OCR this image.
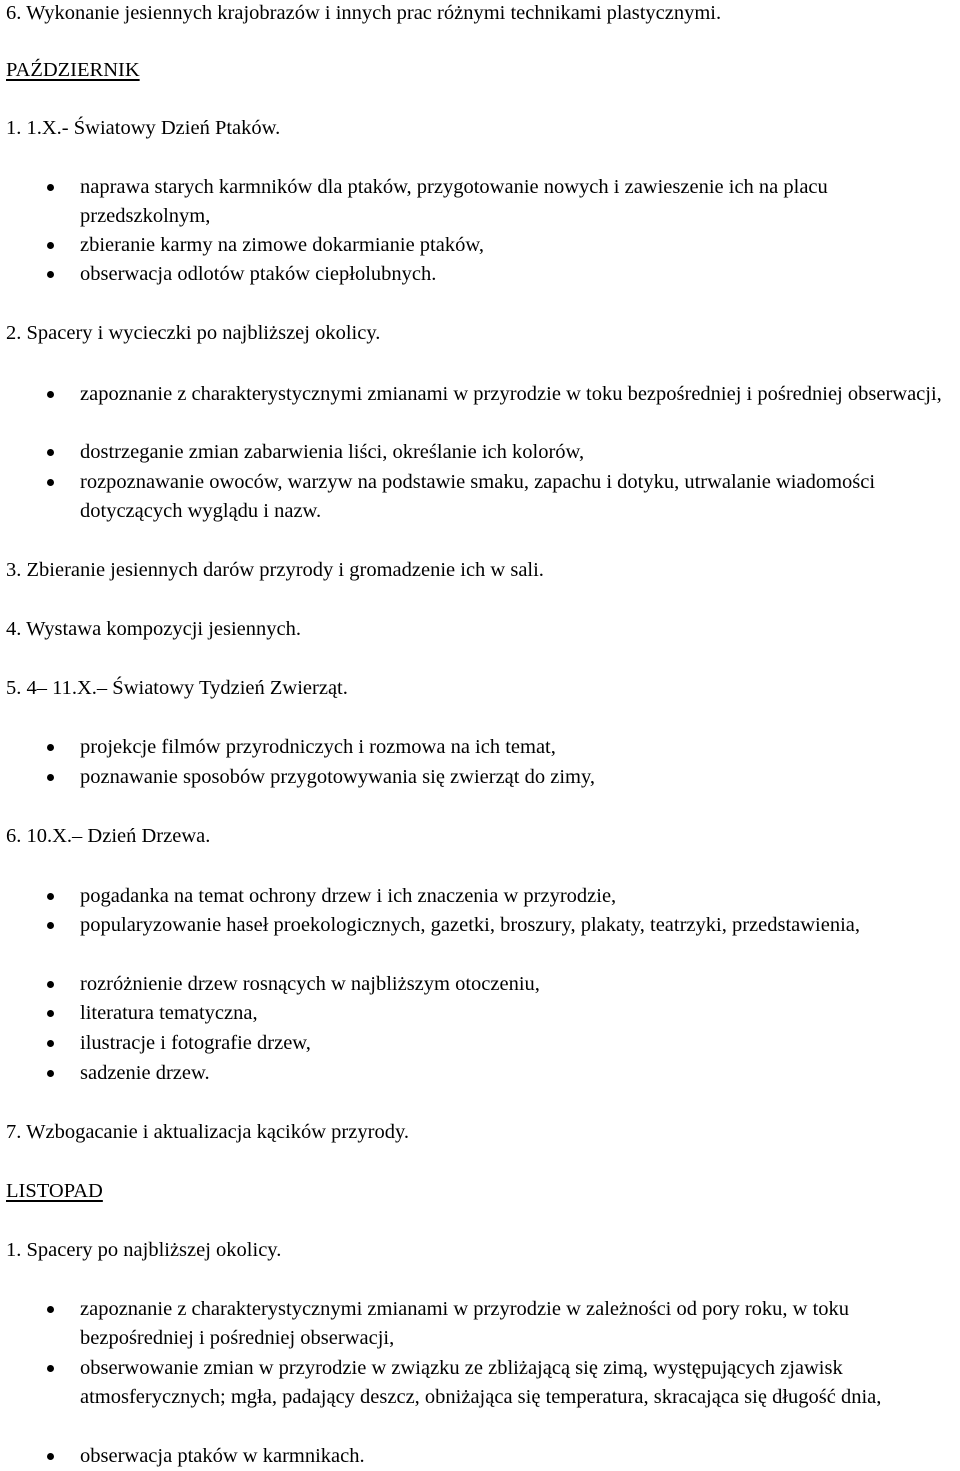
6. Wykonanie jesiennych krajobrazów i innych prac różnymi technikami plastycznymi.
PAŹDZIERNIK
1. 1.X.- Światowy Dzień Ptaków.
naprawa starych karmników dla ptaków, przygotowanie nowych i zawieszenie ich na placu przedszkolnym,
zbieranie karmy na zimowe dokarmianie ptaków,
obserwacja odlotów ptaków ciepłolubnych.
2. Spacery i wycieczki po najbliższej okolicy.
zapoznanie z charakterystycznymi zmianami w przyrodzie w toku bezpośredniej i pośredniej obserwacji,
dostrzeganie zmian zabarwienia liści, określanie ich kolorów,
rozpoznawanie owoców, warzyw na podstawie smaku, zapachu i dotyku, utrwalanie wiadomości dotyczących wyglądu i nazw.
3. Zbieranie jesiennych darów przyrody i gromadzenie ich w sali.
4. Wystawa kompozycji jesiennych.
5. 4– 11.X.– Światowy Tydzień Zwierząt.
projekcje filmów przyrodniczych i rozmowa na ich temat,
poznawanie sposobów przygotowywania się zwierząt do zimy,
6. 10.X.– Dzień Drzewa.
pogadanka na temat ochrony drzew i ich znaczenia w przyrodzie,
popularyzowanie haseł proekologicznych, gazetki, broszury, plakaty, teatrzyki, przedstawienia,
rozróżnienie drzew rosnących w najbliższym otoczeniu,
literatura tematyczna,
ilustracje i fotografie drzew,
sadzenie drzew.
7. Wzbogacanie i aktualizacja kącików przyrody.
LISTOPAD
1. Spacery po najbliższej okolicy.
zapoznanie z charakterystycznymi zmianami w przyrodzie w zależności od pory roku, w toku bezpośredniej i pośredniej obserwacji,
obserwowanie zmian w przyrodzie w związku ze zbliżającą się zimą, występujących zjawisk atmosferycznych; mgła, padający deszcz, obniżająca się temperatura, skracająca się długość dnia,
obserwacja ptaków w karmnikach.
